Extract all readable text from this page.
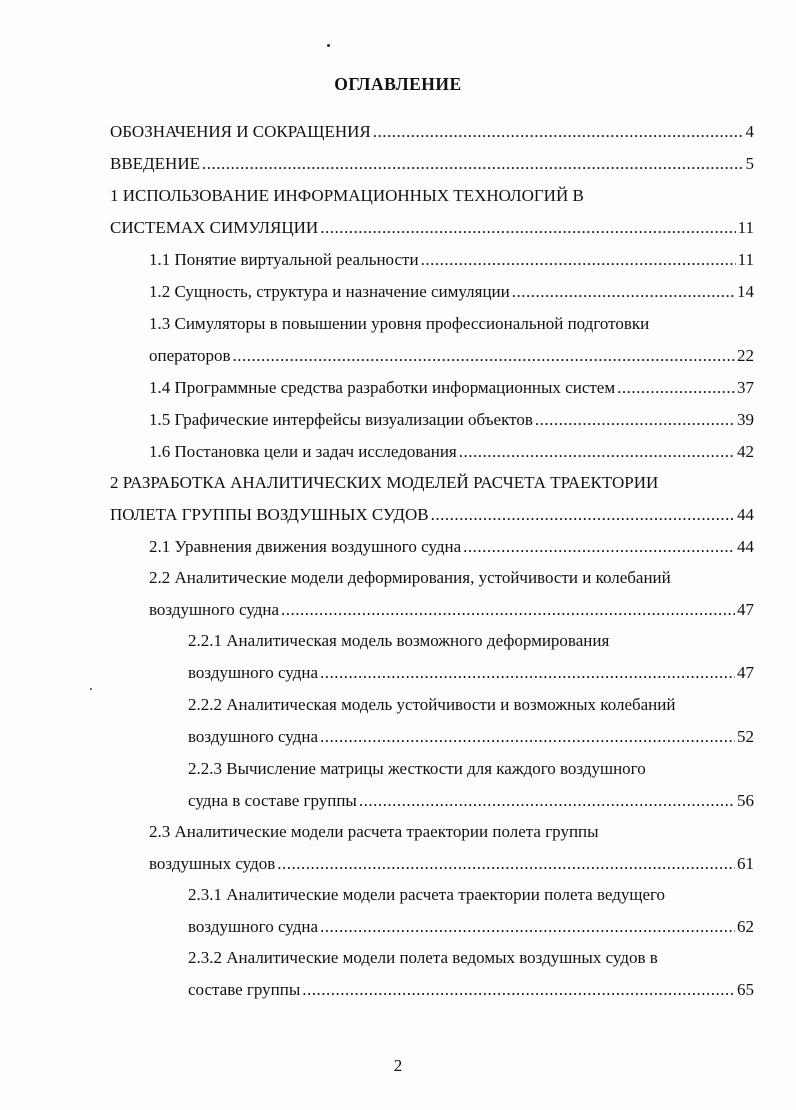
ОГЛАВЛЕНИЕ
ОБОЗНАЧЕНИЯ И СОКРАЩЕНИЯ .....	4
ВВЕДЕНИЕ .....	5
1 ИСПОЛЬЗОВАНИЕ ИНФОРМАЦИОННЫХ ТЕХНОЛОГИЙ В
СИСТЕМАХ СИМУЛЯЦИИ .....	11
1.1 Понятие виртуальной реальности .....	11
1.2 Сущность, структура и назначение симуляции .....	14
1.3 Симуляторы в повышении уровня профессиональной подготовки
операторов .....	22
1.4 Программные средства разработки информационных систем .....	37
1.5 Графические интерфейсы визуализации объектов .....	39
1.6 Постановка цели и задач исследования .....	42
2 РАЗРАБОТКА АНАЛИТИЧЕСКИХ МОДЕЛЕЙ РАСЧЕТА ТРАЕКТОРИИ
ПОЛЕТА ГРУППЫ ВОЗДУШНЫХ СУДОВ .....	44
2.1 Уравнения движения воздушного судна .....	44
2.2 Аналитические модели деформирования, устойчивости и колебаний
воздушного судна .....	47
2.2.1 Аналитическая модель возможного деформирования
воздушного судна .....	47
2.2.2 Аналитическая модель устойчивости и возможных колебаний
воздушного судна .....	52
2.2.3 Вычисление матрицы жесткости для каждого воздушного
судна в составе группы .....	56
2.3 Аналитические модели расчета траектории полета группы
воздушных судов .....	61
2.3.1 Аналитические модели расчета траектории полета ведущего
воздушного судна .....	62
2.3.2 Аналитические модели полета ведомых воздушных судов в
составе группы .....	65
2
